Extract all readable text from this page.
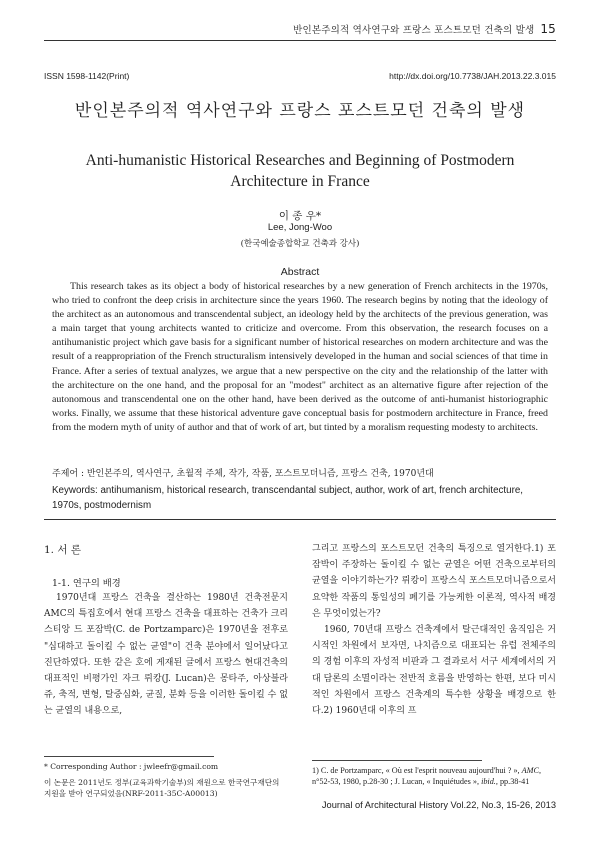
반인본주의적 역사연구와 프랑스 포스트모던 건축의 발생 15
ISSN 1598-1142(Print)	http://dx.doi.org/10.7738/JAH.2013.22.3.015
반인본주의적 역사연구와 프랑스 포스트모던 건축의 발생
Anti-humanistic Historical Researches and Beginning of Postmodern Architecture in France
이 종 우*
Lee, Jong-Woo
(한국예술종합학교 건축과 강사)
Abstract

This research takes as its object a body of historical researches by a new generation of French architects in the 1970s, who tried to confront the deep crisis in architecture since the years 1960. The research begins by noting that the ideology of the architect as an autonomous and transcendental subject, an ideology held by the architects of the previous generation, was a main target that young architects wanted to criticize and overcome. From this observation, the research focuses on a antihumanistic project which gave basis for a significant number of historical researches on modern architecture and was the result of a reappropriation of the French structuralism intensively developed in the human and social sciences of that time in France. After a series of textual analyzes, we argue that a new perspective on the city and the relationship of the latter with the architecture on the one hand, and the proposal for an "modest" architect as an alternative figure after rejection of the autonomous and transcendental one on the other hand, have been derived as the outcome of anti-humanist historiographic works. Finally, we assume that these historical adventure gave conceptual basis for postmodern architecture in France, freed from the modern myth of unity of author and that of work of art, but tinted by a moralism requesting modesty to architects.

주제어 : 반인본주의, 역사연구, 초월적 주체, 작가, 작품, 포스트모더니즘, 프랑스 건축, 1970년대
Keywords: antihumanism, historical research, transcendantal subject, author, work of art, french architecture, 1970s, postmodernism
1. 서 론
1-1. 연구의 배경

1970년대 프랑스 건축을 결산하는 1980년 건축전문지 AMC의 특집호에서 현대 프랑스 건축을 대표하는 건축가 크리스티앙 드 포잠박(C. de Portzamparc)은 1970년을 전후로 "심대하고 돌이킬 수 없는 균열"이 건축 분야에서 일어났다고 진단하였다. 또한 같은 호에 게재된 글에서 프랑스 현대건축의 대표적인 비평가인 자크 뤼캉(J. Lucan)은 몽타주, 아상블라쥬, 축적, 변형, 탈중심화, 균질, 분화 등을 이러한 돌이킬 수 없는 균열의 내용으로,

* Corresponding Author : jwleefr@gmail.com

이 논문은 2011년도 정부(교육과학기술부)의 재원으로 한국연구재단의 지원을 받아 연구되었음(NRF-2011-35C-A00013)

그리고 프랑스의 포스트모던 건축의 특징으로 열거한다.1) 포잠박이 주장하는 돌이킬 수 없는 균열은 어떤 건축으로부터의 균열을 이야기하는가? 뤼캉이 프랑스식 포스트모더니즘으로서 요약한 작품의 통일성의 폐기를 가능케한 이론적, 역사적 배경은 무엇이었는가?

1960, 70년대 프랑스 건축계에서 탈근대적인 움직임은 거시적인 차원에서 보자면, 나치즘으로 대표되는 유럽 전체주의의 경험 이후의 자성적 비판과 그 결과로서 서구 세계에서의 거대 담론의 소멸이라는 전반적 흐름을 반영하는 한편, 보다 미시적인 차원에서 프랑스 건축계의 특수한 상황을 배경으로 한다.2) 1960년대 이후의 프

1) C. de Portzamparc, « Où est l'esprit nouveau aujourd'hui ? », AMC, n°52-53, 1980, p.28-30 ; J. Lucan, « Inquiétudes », ibid., pp.38-41

Journal of Architectural History Vol.22, No.3, 15-26, 2013
